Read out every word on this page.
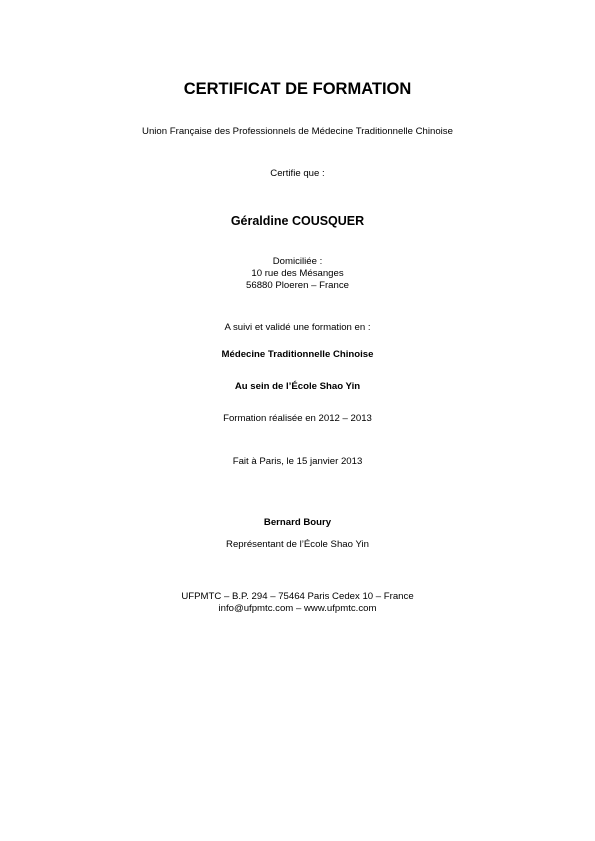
CERTIFICAT DE FORMATION
Union Française des Professionnels de Médecine Traditionnelle Chinoise
Certifie que :
Géraldine COUSQUER
Domiciliée :
10 rue des Mésanges
56880 Ploeren – France
A suivi et validé une formation en :
Médecine Traditionnelle Chinoise
Au sein de l’École Shao Yin
Formation réalisée en 2012 – 2013
Fait à Paris, le 15 janvier 2013
Bernard Boury
Représentant de l’École Shao Yin
UFPMTC – B.P. 294 – 75464 Paris Cedex 10 – France
info@ufpmtc.com – www.ufpmtc.com
